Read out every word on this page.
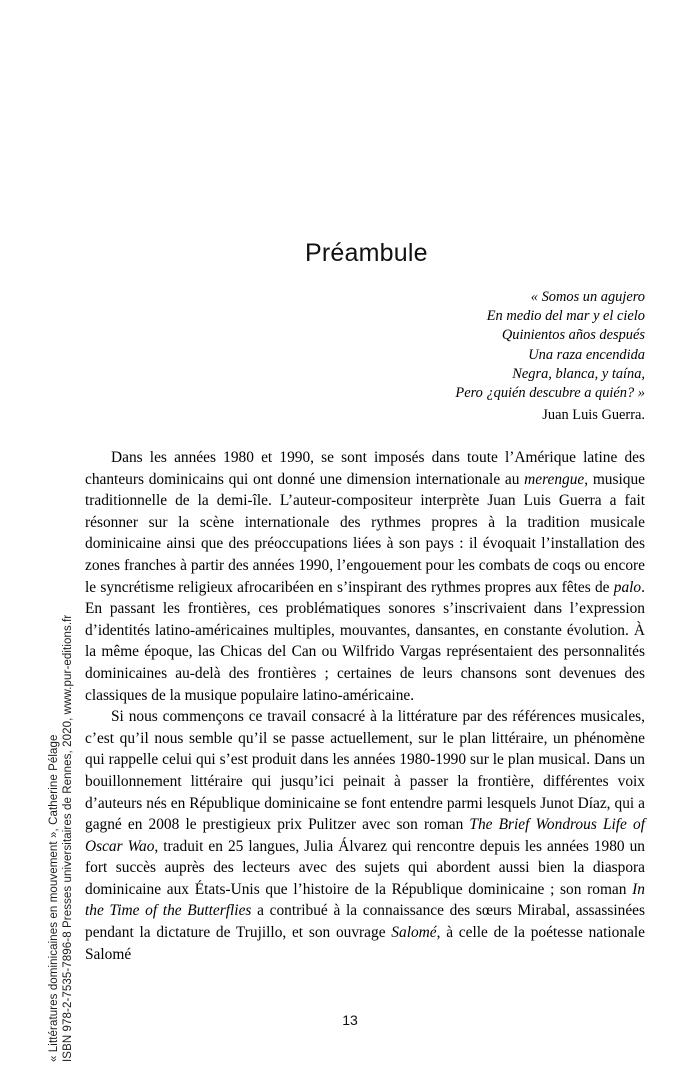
« Littératures dominicaines en mouvement », Catherine Pélage ISBN 978-2-7535-7896-8 Presses universitaires de Rennes, 2020, www.pur-editions.fr
Préambule
« Somos un agujero
En medio del mar y el cielo
Quinientos años después
Una raza encendida
Negra, blanca, y taína,
Pero ¿quién descubre a quién? »
Juan Luis Guerra.

Dans les années 1980 et 1990, se sont imposés dans toute l’Amérique latine des chanteurs dominicains qui ont donné une dimension internationale au merengue, musique traditionnelle de la demi-île. L’auteur-compositeur interprète Juan Luis Guerra a fait résonner sur la scène internationale des rythmes propres à la tradition musicale dominicaine ainsi que des préoccupations liées à son pays : il évoquait l’installation des zones franches à partir des années 1990, l’engouement pour les combats de coqs ou encore le syncrétisme religieux afrocaribéen en s’inspirant des rythmes propres aux fêtes de palo. En passant les frontières, ces problématiques sonores s’inscrivaient dans l’expression d’identités latino-américaines multiples, mouvantes, dansantes, en constante évolution. À la même époque, las Chicas del Can ou Wilfrido Vargas représentaient des personnalités dominicaines au-delà des frontières ; certaines de leurs chansons sont devenues des classiques de la musique populaire latino-américaine.

Si nous commençons ce travail consacré à la littérature par des références musicales, c’est qu’il nous semble qu’il se passe actuellement, sur le plan littéraire, un phénomène qui rappelle celui qui s’est produit dans les années 1980-1990 sur le plan musical. Dans un bouillonnement littéraire qui jusqu’ici peinait à passer la frontière, différentes voix d’auteurs nés en République dominicaine se font entendre parmi lesquels Junot Díaz, qui a gagné en 2008 le prestigieux prix Pulitzer avec son roman The Brief Wondrous Life of Oscar Wao, traduit en 25 langues, Julia Álvarez qui rencontre depuis les années 1980 un fort succès auprès des lecteurs avec des sujets qui abordent aussi bien la diaspora dominicaine aux États-Unis que l’histoire de la République dominicaine ; son roman In the Time of the Butterflies a contribué à la connaissance des sœurs Mirabal, assassinées pendant la dictature de Trujillo, et son ouvrage Salomé, à celle de la poétesse nationale Salomé

13
